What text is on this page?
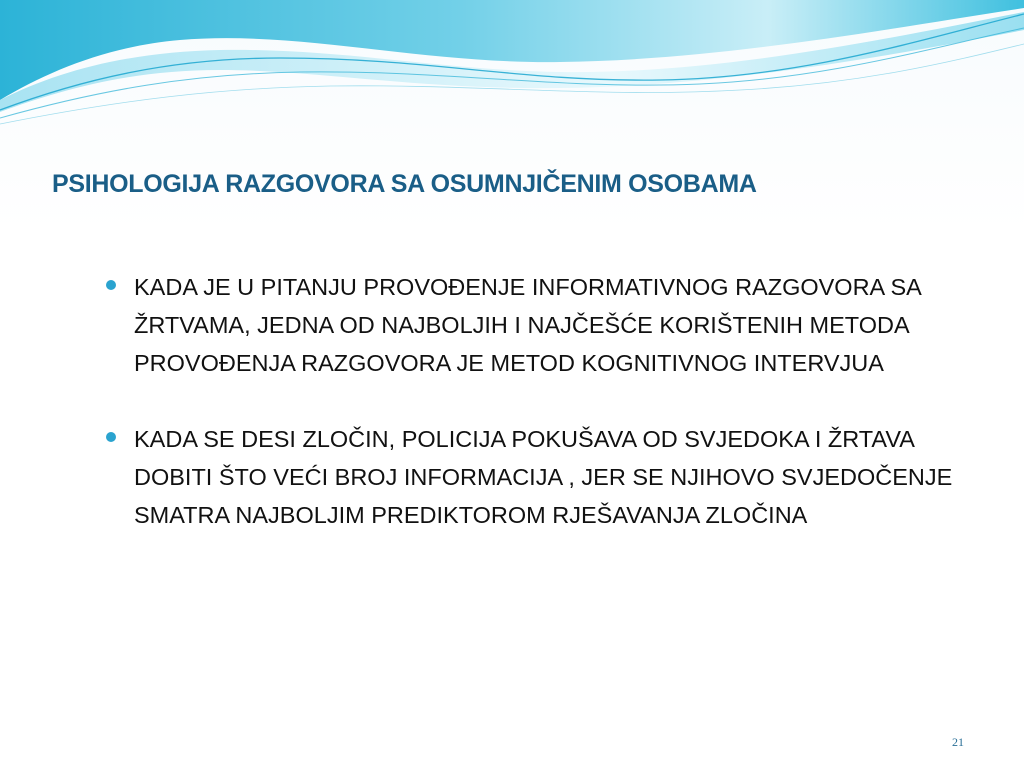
PSIHOLOGIJA RAZGOVORA SA OSUMNJIČENIM OSOBAMA
KADA JE U PITANJU PROVOĐENJE INFORMATIVNOG RAZGOVORA SA ŽRTVAMA, JEDNA OD NAJBOLJIH I NAJČEŠĆE KORIŠTENIH METODA PROVOĐENJA RAZGOVORA JE METOD KOGNITIVNOG INTERVJUA
KADA SE DESI ZLOČIN, POLICIJA POKUŠAVA OD SVJEDOKA I ŽRTAVA DOBITI ŠTO VEĆI BROJ INFORMACIJA , JER SE NJIHOVO SVJEDOČENJE SMATRA NAJBOLJIM PREDIKTOROM RJEŠAVANJA ZLOČINA
21
